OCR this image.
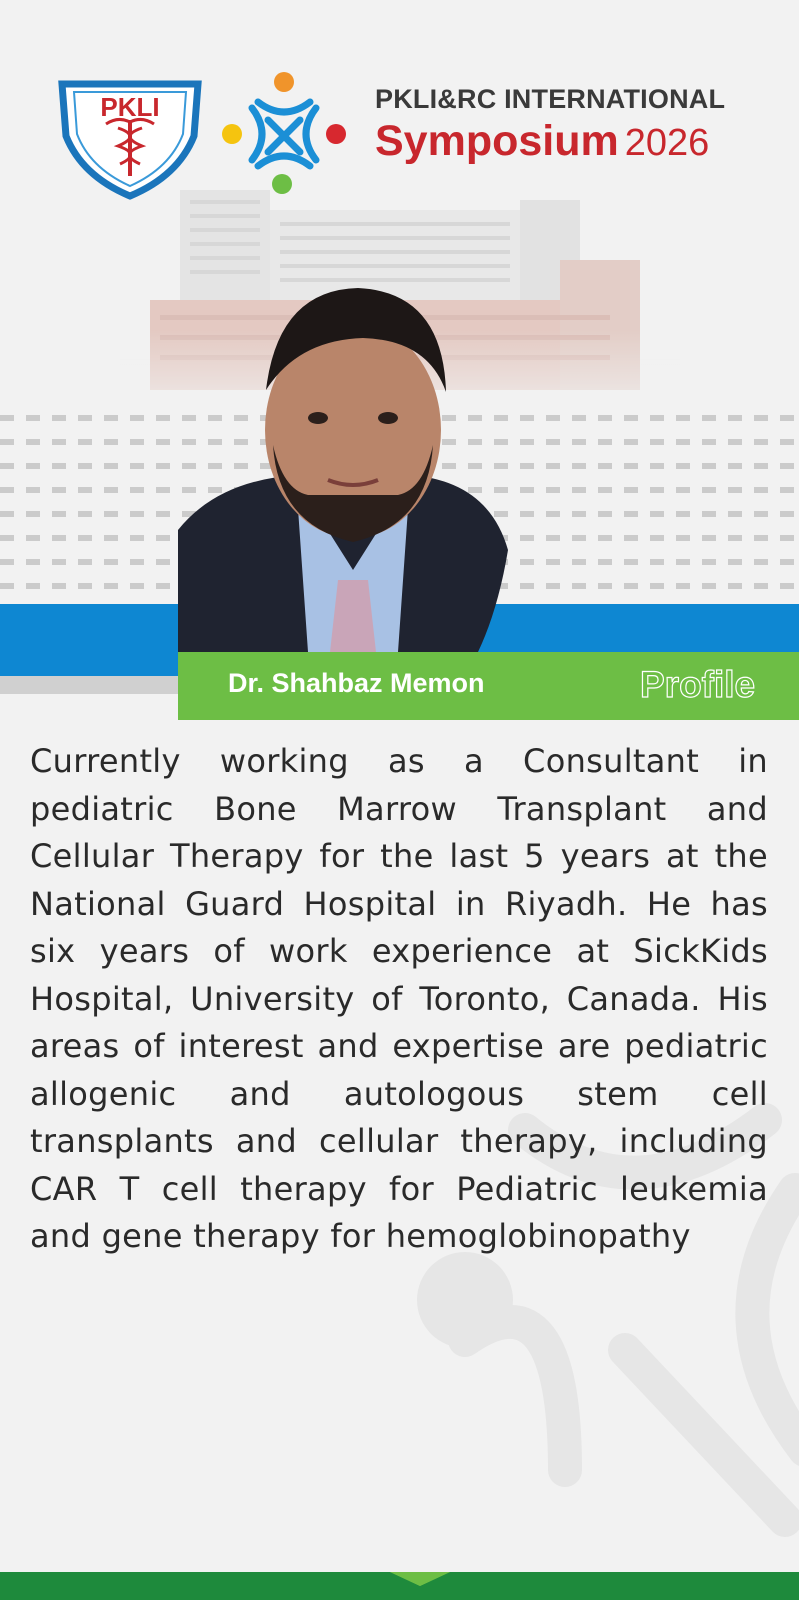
PKLI	PKLI&RC INTERNATIONAL
Symposium 2026
Dr. Shahbaz Memon	Profile
Currently working as a Consultant in pediatric Bone Marrow Transplant and Cellular Therapy for the last 5 years at the National Guard Hospital in Riyadh. He has six years of work experience at SickKids Hospital, University of Toronto, Canada. His areas of interest and expertise are pediatric allogenic and autologous stem cell transplants and cellular therapy, including CAR T cell therapy for Pediatric leukemia and gene therapy for hemoglobinopathy
